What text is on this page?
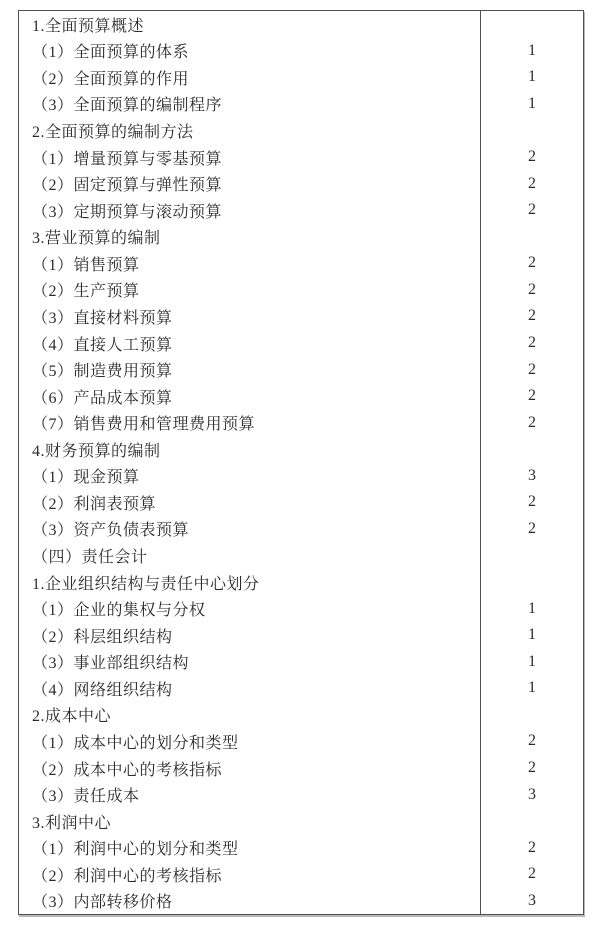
1.全面预算概述
（1）全面预算的体系	1
（2）全面预算的作用	1
（3）全面预算的编制程序	1
2.全面预算的编制方法
（1）增量预算与零基预算	2
（2）固定预算与弹性预算	2
（3）定期预算与滚动预算	2
3.营业预算的编制
（1）销售预算	2
（2）生产预算	2
（3）直接材料预算	2
（4）直接人工预算	2
（5）制造费用预算	2
（6）产品成本预算	2
（7）销售费用和管理费用预算	2
4.财务预算的编制
（1）现金预算	3
（2）利润表预算	2
（3）资产负债表预算	2
（四）责任会计
1.企业组织结构与责任中心划分
（1）企业的集权与分权	1
（2）科层组织结构	1
（3）事业部组织结构	1
（4）网络组织结构	1
2.成本中心
（1）成本中心的划分和类型	2
（2）成本中心的考核指标	2
（3）责任成本	3
3.利润中心
（1）利润中心的划分和类型	2
（2）利润中心的考核指标	2
（3）内部转移价格	3
